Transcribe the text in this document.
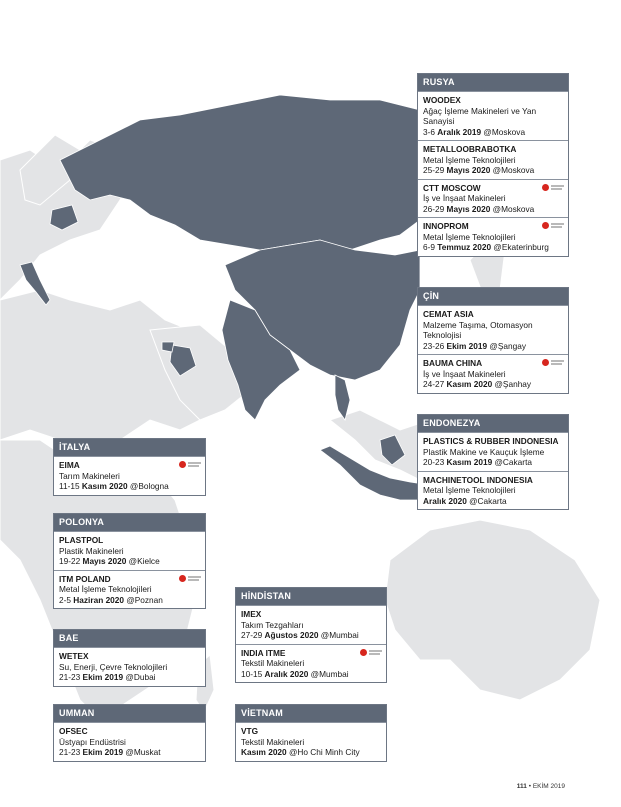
RUSYA
WOODEX
Ağaç İşleme Makineleri ve Yan Sanayisi
3-6 Aralık 2019 @Moskova
METALLOOBRABOTKA
Metal İşleme Teknolojileri
25-29 Mayıs 2020 @Moskova
CTT MOSCOW
İş ve İnşaat Makineleri
26-29 Mayıs 2020 @Moskova
INNOPROM
Metal İşleme Teknolojileri
6-9 Temmuz 2020 @Ekaterinburg
ÇİN
CEMAT ASIA
Malzeme Taşıma, Otomasyon Teknolojisi
23-26 Ekim 2019 @Şangay
BAUMA CHINA
İş ve İnşaat Makineleri
24-27 Kasım 2020 @Şanhay
ENDONEZYA
PLASTICS & RUBBER INDONESIA
Plastik Makine ve Kauçuk İşleme
20-23 Kasım 2019 @Cakarta
MACHINETOOL INDONESIA
Metal İşleme Teknolojileri
Aralık 2020 @Cakarta
İTALYA
EIMA
Tarım Makineleri
11-15 Kasım 2020 @Bologna
POLONYA
PLASTPOL
Plastik Makineleri
19-22 Mayıs 2020 @Kielce
ITM POLAND
Metal İşleme Teknolojileri
2-5 Haziran 2020 @Poznan
BAE
WETEX
Su, Enerji, Çevre Teknolojileri
21-23 Ekim 2019 @Dubai
UMMAN
OFSEC
Üstyapı Endüstrisi
21-23 Ekim 2019 @Muskat
HİNDİSTAN
IMEX
Takım Tezgahları
27-29 Ağustos 2020 @Mumbai
INDIA ITME
Tekstil Makineleri
10-15 Aralık 2020 @Mumbai
VİETNAM
VTG
Tekstil Makineleri
Kasım 2020 @Ho Chi Minh City
111 • EKİM 2019
